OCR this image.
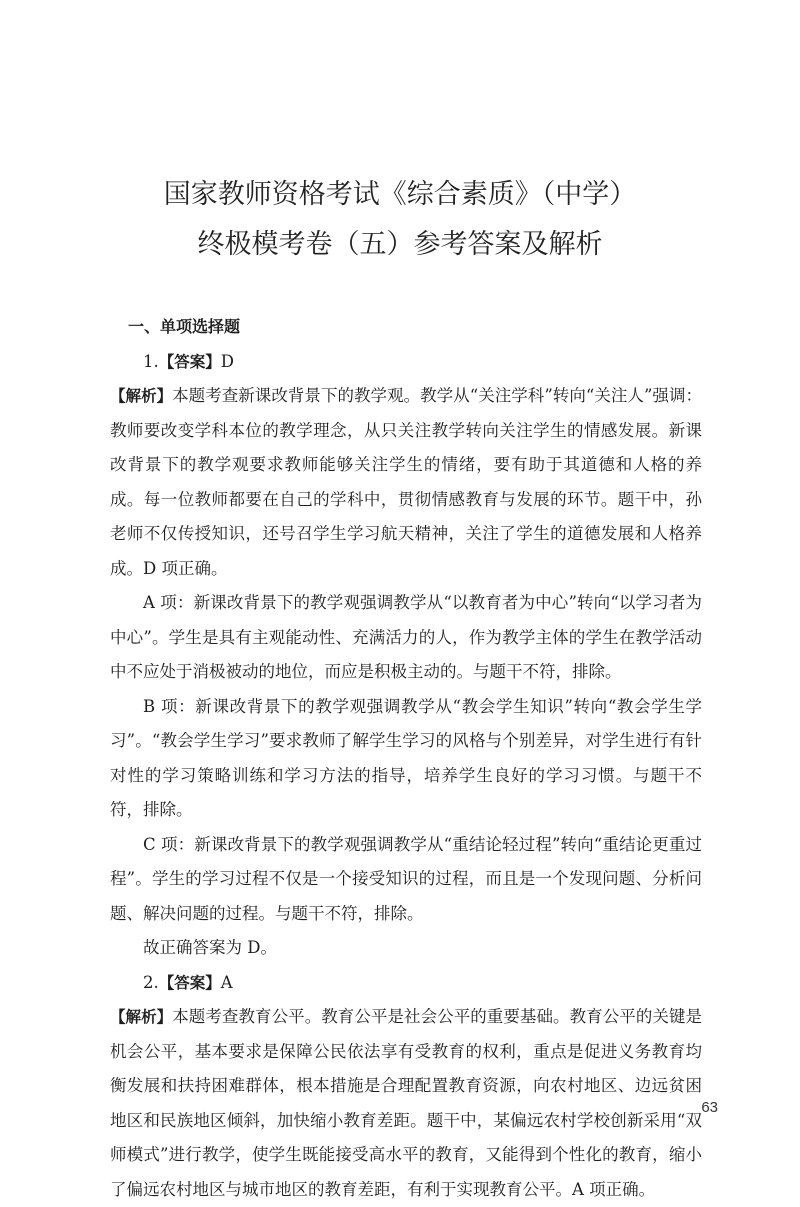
国家教师资格考试《综合素质》（中学）
终极模考卷（五）参考答案及解析

一、单项选择题

1.【答案】D

【解析】本题考查新课改背景下的教学观。教学从“关注学科”转向“关注人”强调：教师要改变学科本位的教学理念，从只关注教学转向关注学生的情感发展。新课改背景下的教学观要求教师能够关注学生的情绪，要有助于其道德和人格的养成。每一位教师都要在自己的学科中，贯彻情感教育与发展的环节。题干中，孙老师不仅传授知识，还号召学生学习航天精神，关注了学生的道德发展和人格养成。D 项正确。

A 项：新课改背景下的教学观强调教学从“以教育者为中心”转向“以学习者为中心”。学生是具有主观能动性、充满活力的人，作为教学主体的学生在教学活动中不应处于消极被动的地位，而应是积极主动的。与题干不符，排除。

B 项：新课改背景下的教学观强调教学从“教会学生知识”转向“教会学生学习”。“教会学生学习”要求教师了解学生学习的风格与个别差异，对学生进行有针对性的学习策略训练和学习方法的指导，培养学生良好的学习习惯。与题干不符，排除。

C 项：新课改背景下的教学观强调教学从“重结论轻过程”转向“重结论更重过程”。学生的学习过程不仅是一个接受知识的过程，而且是一个发现问题、分析问题、解决问题的过程。与题干不符，排除。

故正确答案为 D。

2.【答案】A

【解析】本题考查教育公平。教育公平是社会公平的重要基础。教育公平的关键是机会公平，基本要求是保障公民依法享有受教育的权利，重点是促进义务教育均衡发展和扶持困难群体，根本措施是合理配置教育资源，向农村地区、边远贫困地区和民族地区倾斜，加快缩小教育差距。题干中，某偏远农村学校创新采用“双师模式”进行教学，使学生既能接受高水平的教育，又能得到个性化的教育，缩小了偏远农村地区与城市地区的教育差距，有利于实现教育公平。A 项正确。

63
